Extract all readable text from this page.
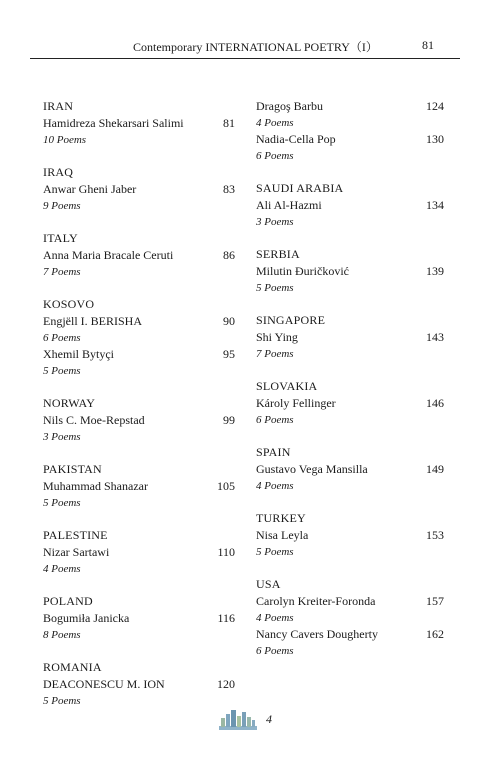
Contemporary INTERNATIONAL POETRY（I）	81
IRAN
Hamidreza Shekarsari Salimi	81
10 Poems
IRAQ
Anwar Gheni Jaber	83
9 Poems
ITALY
Anna Maria Bracale Ceruti	86
7 Poems
KOSOVO
Engjëll I. BERISHA	90
6 Poems
Xhemil Bytyçi	95
5 Poems
NORWAY
Nils C. Moe-Repstad	99
3 Poems
PAKISTAN
Muhammad Shanazar	105
5 Poems
PALESTINE
Nizar Sartawi	110
4 Poems
POLAND
Bogumiła Janicka	116
8 Poems
ROMANIA
DEACONESCU M. ION	120
5 Poems
Dragoş Barbu	124
4 Poems
Nadia-Cella Pop	130
6 Poems
SAUDI ARABIA
Ali Al-Hazmi	134
3 Poems
SERBIA
Milutin Đuričković	139
5 Poems
SINGAPORE
Shi Ying	143
7 Poems
SLOVAKIA
Károly Fellinger	146
6 Poems
SPAIN
Gustavo Vega Mansilla	149
4 Poems
TURKEY
Nisa Leyla	153
5 Poems
USA
Carolyn Kreiter-Foronda	157
4 Poems
Nancy Cavers Dougherty	162
6 Poems
4
